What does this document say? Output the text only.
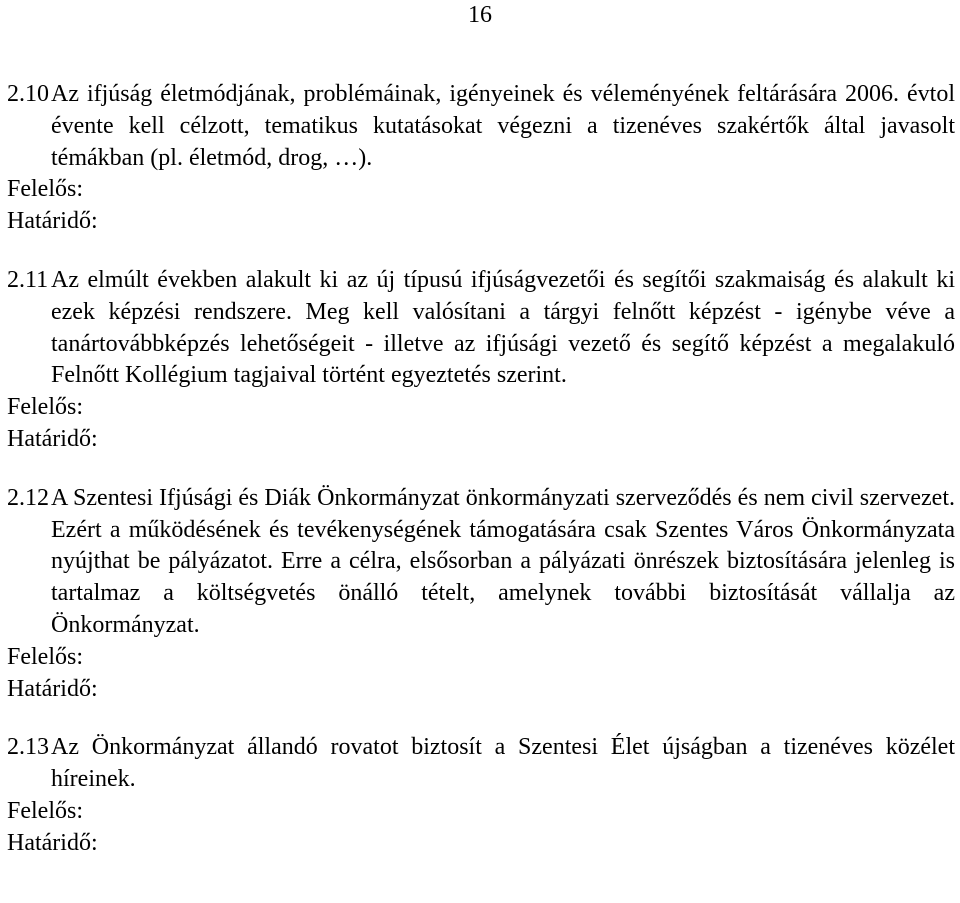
16

2.10 Az ifjúság életmódjának, problémáinak, igényeinek és véleményének feltárására 2006. évtol évente kell célzott, tematikus kutatásokat végezni a tizenéves szakértők által javasolt témákban (pl. életmód, drog, …).

Felelős:

Határidő:

2.11 Az elmúlt években alakult ki az új típusú ifjúságvezetői és segítői szakmaiság és alakult ki ezek képzési rendszere. Meg kell valósítani a tárgyi felnőtt képzést - igénybe véve a tanártovábbképzés lehetőségeit - illetve az ifjúsági vezető és segítő képzést a megalakuló Felnőtt Kollégium tagjaival történt egyeztetés szerint.

Felelős:

Határidő:

2.12 A Szentesi Ifjúsági és Diák Önkormányzat önkormányzati szerveződés és nem civil szervezet. Ezért a működésének és tevékenységének támogatására csak Szentes Város Önkormányzata nyújthat be pályázatot. Erre a célra, elsősorban a pályázati önrészek biztosítására jelenleg is tartalmaz a költségvetés önálló tételt, amelynek további biztosítását vállalja az Önkormányzat.

Felelős:

Határidő:

2.13 Az Önkormányzat állandó rovatot biztosít a Szentesi Élet újságban a tizenéves közélet híreinek.

Felelős:

Határidő:
